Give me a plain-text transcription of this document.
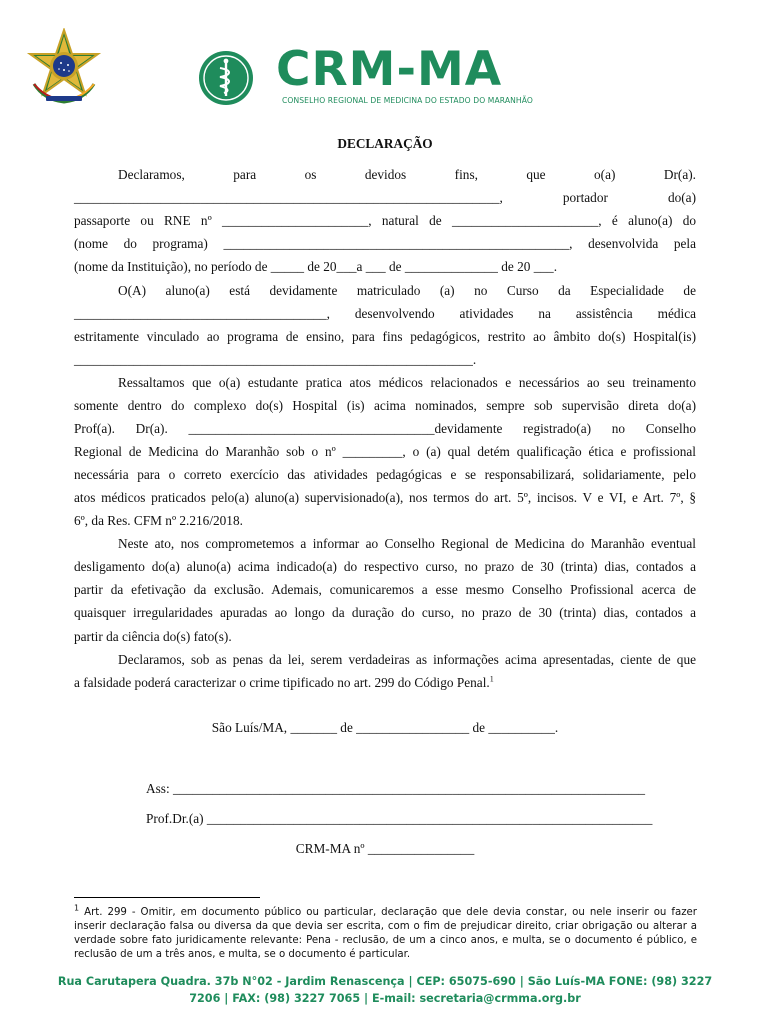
CRM-MA
CONSELHO REGIONAL DE MEDICINA DO ESTADO DO MARANHÃO
DECLARAÇÃO
Declaramos, para os devidos fins, que o(a) Dr(a).
________________________________________________________________, portador do(a)
passaporte ou RNE nº ______________________, natural de ______________________, é aluno(a) do
(nome do programa) ____________________________________________________, desenvolvida pela
(nome da Instituição), no período de _____ de 20___a ___ de ______________ de 20 ___.
O(A) aluno(a) está devidamente matriculado (a) no Curso da Especialidade de
______________________________________, desenvolvendo atividades na assistência médica
estritamente vinculado ao programa de ensino, para fins pedagógicos, restrito ao âmbito do(s) Hospital(is)
____________________________________________________________.
Ressaltamos que o(a) estudante pratica atos médicos relacionados e necessários ao seu treinamento
somente dentro do complexo do(s) Hospital (is) acima nominados, sempre sob supervisão direta do(a)
Prof(a). Dr(a). _____________________________________devidamente registrado(a) no Conselho
Regional de Medicina do Maranhão sob o nº _________, o (a) qual detém qualificação ética e profissional
necessária para o correto exercício das atividades pedagógicas e se responsabilizará, solidariamente, pelo
atos médicos praticados pelo(a) aluno(a) supervisionado(a), nos termos do art. 5º, incisos. V e VI, e Art. 7º, §
6º, da Res. CFM nº 2.216/2018.
Neste ato, nos comprometemos a informar ao Conselho Regional de Medicina do Maranhão eventual
desligamento do(a) aluno(a) acima indicado(a) do respectivo curso, no prazo de 30 (trinta) dias, contados a
partir da efetivação da exclusão. Ademais, comunicaremos a esse mesmo Conselho Profissional acerca de
quaisquer irregularidades apuradas ao longo da duração do curso, no prazo de 30 (trinta) dias, contados a
partir da ciência do(s) fato(s).
Declaramos, sob as penas da lei, serem verdadeiras as informações acima apresentadas, ciente de que
a falsidade poderá caracterizar o crime tipificado no art. 299 do Código Penal.$^1$
São Luís/MA, _______ de _________________ de __________.
Ass: _______________________________________________________________________
Prof.Dr.(a) ___________________________________________________________________
CRM-MA nº ________________
$^1$ Art. 299 - Omitir, em documento público ou particular, declaração que dele devia constar, ou nele inserir ou fazer
inserir declaração falsa ou diversa da que devia ser escrita, com o fim de prejudicar direito, criar obrigação ou alterar a
verdade sobre fato juridicamente relevante: Pena - reclusão, de um a cinco anos, e multa, se o documento é público, e
reclusão de um a três anos, e multa, se o documento é particular.
Rua Carutapera Quadra. 37b N°02 - Jardim Renascença | CEP: 65075-690 | São Luís-MA FONE: (98) 3227
7206 | FAX: (98) 3227 7065 | E-mail: secretaria@crmma.org.br
